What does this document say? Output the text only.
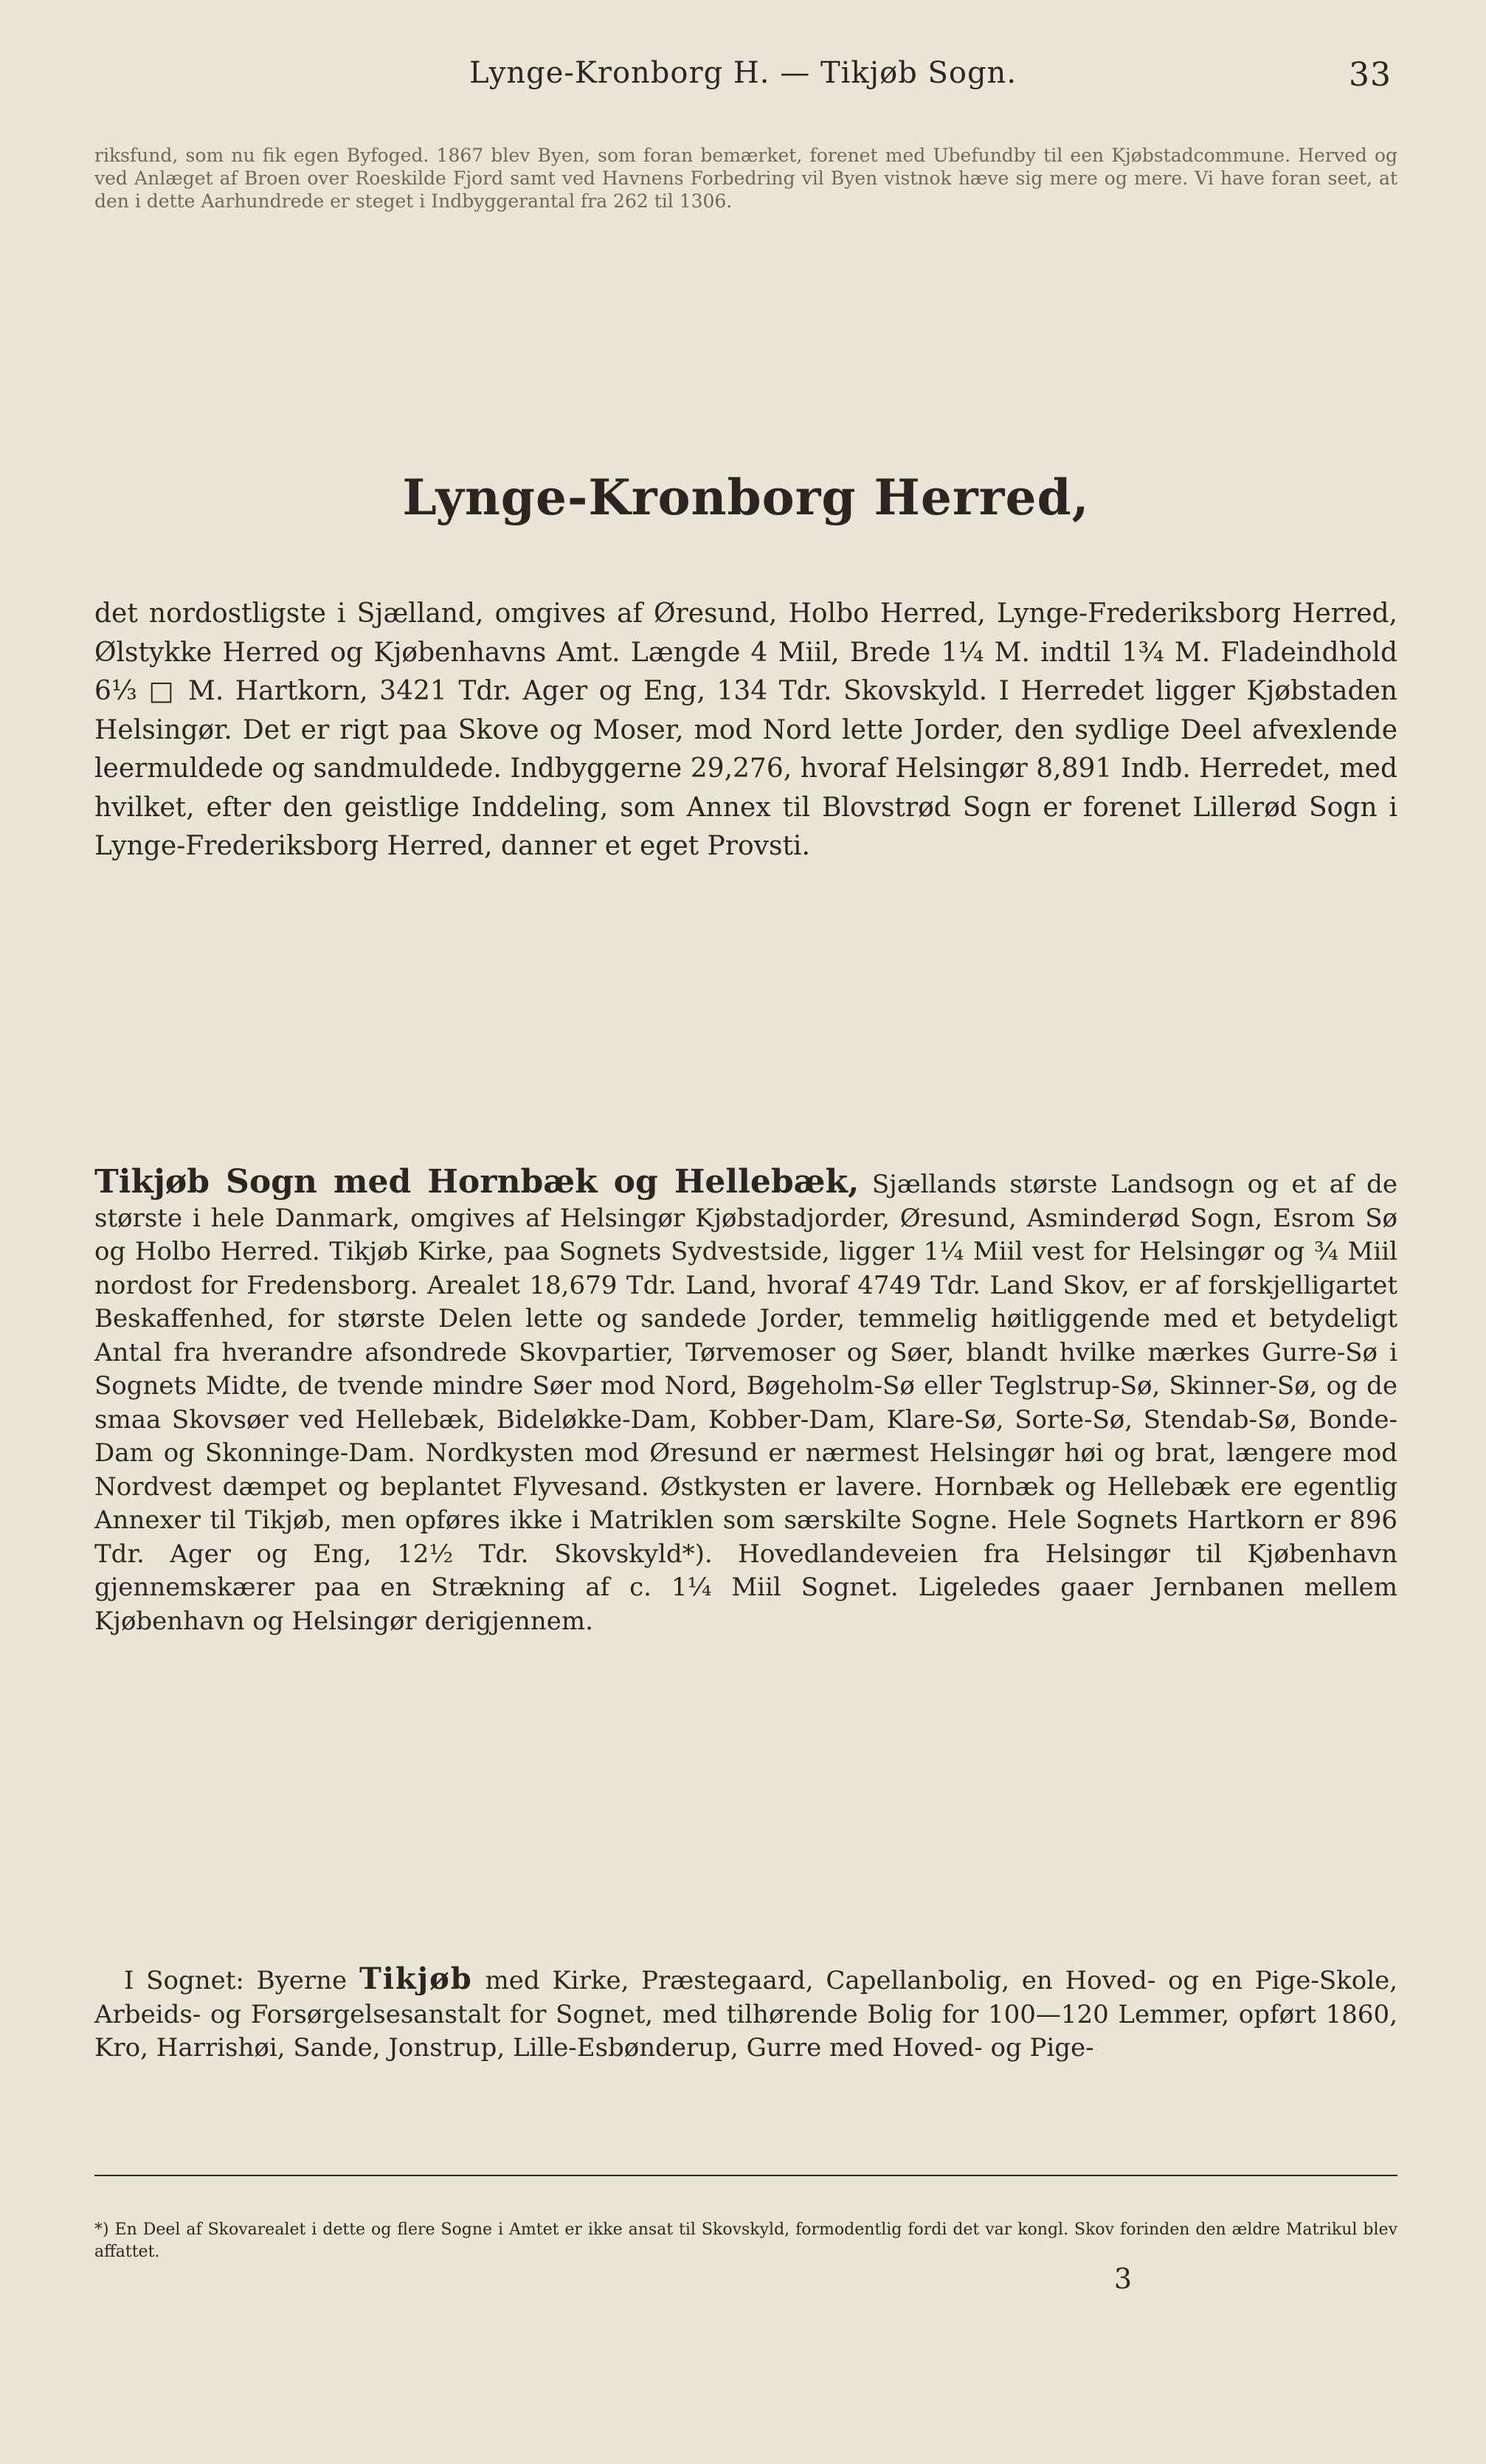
Lynge-Kronborg H. — Tikjøb Sogn.	33

riksfund, som nu fik egen Byfoged. 1867 blev Byen, som foran bemærket, forenet med Ubefundby til een Kjøbstadcommune. Herved og ved Anlæget af Broen over Roeskilde Fjord samt ved Havnens Forbedring vil Byen vistnok hæve sig mere og mere. Vi have foran seet, at den i dette Aarhundrede er steget i Indbyggerantal fra 262 til 1306.

Lynge-Kronborg Herred,

det nordostligste i Sjælland, omgives af Øresund, Holbo Herred, Lynge-Frederiksborg Herred, Ølstykke Herred og Kjøbenhavns Amt. Længde 4 Miil, Brede 1¼ M. indtil 1¾ M. Fladeindhold 6⅓ □ M. Hartkorn, 3421 Tdr. Ager og Eng, 134 Tdr. Skovskyld. I Herredet ligger Kjøbstaden Helsingør. Det er rigt paa Skove og Moser, mod Nord lette Jorder, den sydlige Deel afvexlende leermuldede og sandmuldede. Indbyggerne 29,276, hvoraf Helsingør 8,891 Indb. Herredet, med hvilket, efter den geistlige Inddeling, som Annex til Blovstrød Sogn er forenet Lillerød Sogn i Lynge-Frederiksborg Herred, danner et eget Provsti.

Tikjøb Sogn med Hornbæk og Hellebæk, Sjællands største Landsogn og et af de største i hele Danmark, omgives af Helsingør Kjøbstadjorder, Øresund, Asminderød Sogn, Esrom Sø og Holbo Herred. Tikjøb Kirke, paa Sognets Sydvestside, ligger 1¼ Miil vest for Helsingør og ¾ Miil nordost for Fredensborg. Arealet 18,679 Tdr. Land, hvoraf 4749 Tdr. Land Skov, er af forskjelligartet Beskaffenhed, for største Delen lette og sandede Jorder, temmelig høitliggende med et betydeligt Antal fra hverandre afsondrede Skovpartier, Tørvemoser og Søer, blandt hvilke mærkes Gurre-Sø i Sognets Midte, de tvende mindre Søer mod Nord, Bøgeholm-Sø eller Teglstrup-Sø, Skinner-Sø, og de smaa Skovsøer ved Hellebæk, Bideløkke-Dam, Kobber-Dam, Klare-Sø, Sorte-Sø, Stendab-Sø, Bonde-Dam og Skonninge-Dam. Nordkysten mod Øresund er nærmest Helsingør høi og brat, længere mod Nordvest dæmpet og beplantet Flyvesand. Østkysten er lavere. Hornbæk og Hellebæk ere egentlig Annexer til Tikjøb, men opføres ikke i Matriklen som særskilte Sogne. Hele Sognets Hartkorn er 896 Tdr. Ager og Eng, 12½ Tdr. Skovskyld*). Hovedlandeveien fra Helsingør til Kjøbenhavn gjennemskærer paa en Strækning af c. 1¼ Miil Sognet. Ligeledes gaaer Jernbanen mellem Kjøbenhavn og Helsingør derigjennem.

I Sognet: Byerne Tikjøb med Kirke, Præstegaard, Capellanbolig, en Hoved- og en Pige-Skole, Arbeids- og Forsørgelsesanstalt for Sognet, med tilhørende Bolig for 100—120 Lemmer, opført 1860, Kro, Harrishøi, Sande, Jonstrup, Lille-Esbønderup, Gurre med Hoved- og Pige-

*) En Deel af Skovarealet i dette og flere Sogne i Amtet er ikke ansat til Skovskyld, formodentlig fordi det var kongl. Skov forinden den ældre Matrikul blev affattet.

3
